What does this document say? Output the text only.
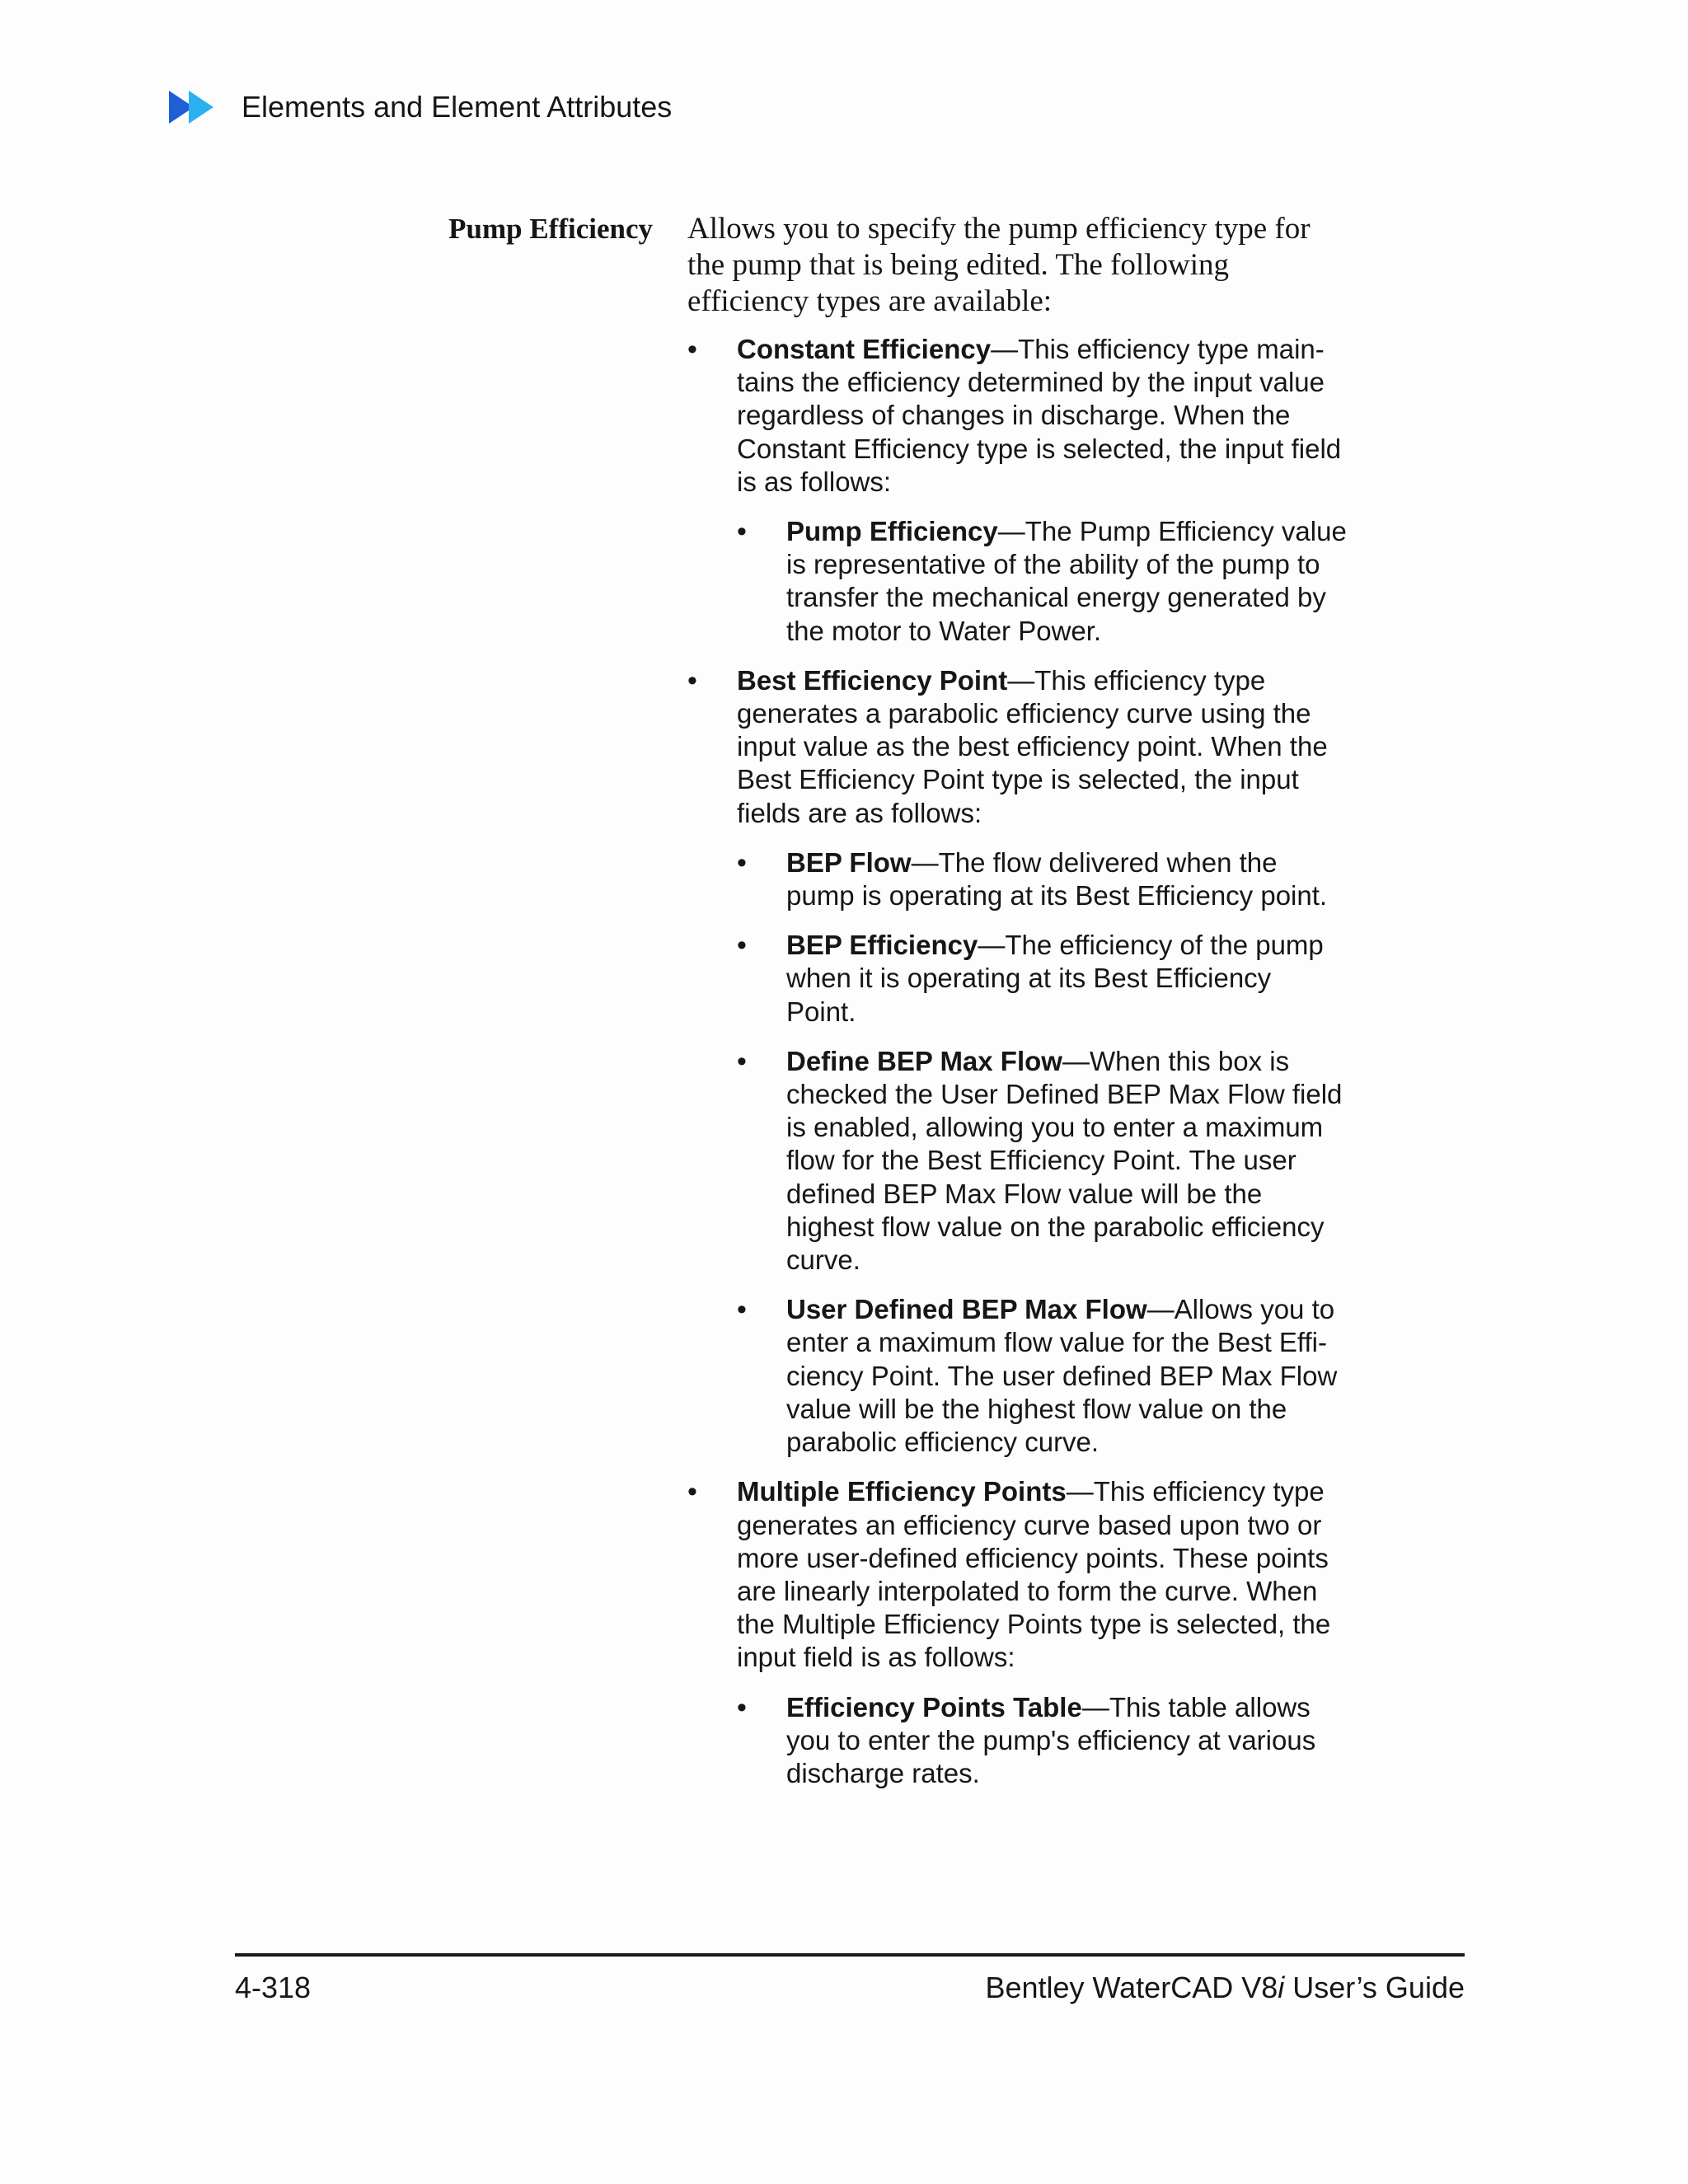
Elements and Element Attributes
Pump Efficiency Allows you to specify the pump efficiency type for the pump that is being edited. The following efficiency types are available:

•	Constant Efficiency—This efficiency type main-tains the efficiency determined by the input value regardless of changes in discharge. When the Constant Efficiency type is selected, the input field is as follows:
•	Pump Efficiency—The Pump Efficiency value is representative of the ability of the pump to transfer the mechanical energy generated by the motor to Water Power.
•	Best Efficiency Point—This efficiency type generates a parabolic efficiency curve using the input value as the best efficiency point. When the Best Efficiency Point type is selected, the input fields are as follows:
•	BEP Flow—The flow delivered when the pump is operating at its Best Efficiency point.
•	BEP Efficiency—The efficiency of the pump when it is operating at its Best Efficiency Point.
•	Define BEP Max Flow—When this box is checked the User Defined BEP Max Flow field is enabled, allowing you to enter a maximum flow for the Best Efficiency Point. The user defined BEP Max Flow value will be the highest flow value on the parabolic efficiency curve.
•	User Defined BEP Max Flow—Allows you to enter a maximum flow value for the Best Effi-ciency Point. The user defined BEP Max Flow value will be the highest flow value on the parabolic efficiency curve.
•	Multiple Efficiency Points—This efficiency type generates an efficiency curve based upon two or more user-defined efficiency points. These points are linearly interpolated to form the curve. When the Multiple Efficiency Points type is selected, the input field is as follows:
•	Efficiency Points Table—This table allows you to enter the pump's efficiency at various discharge rates.
4-318	Bentley WaterCAD V8i User’s Guide
